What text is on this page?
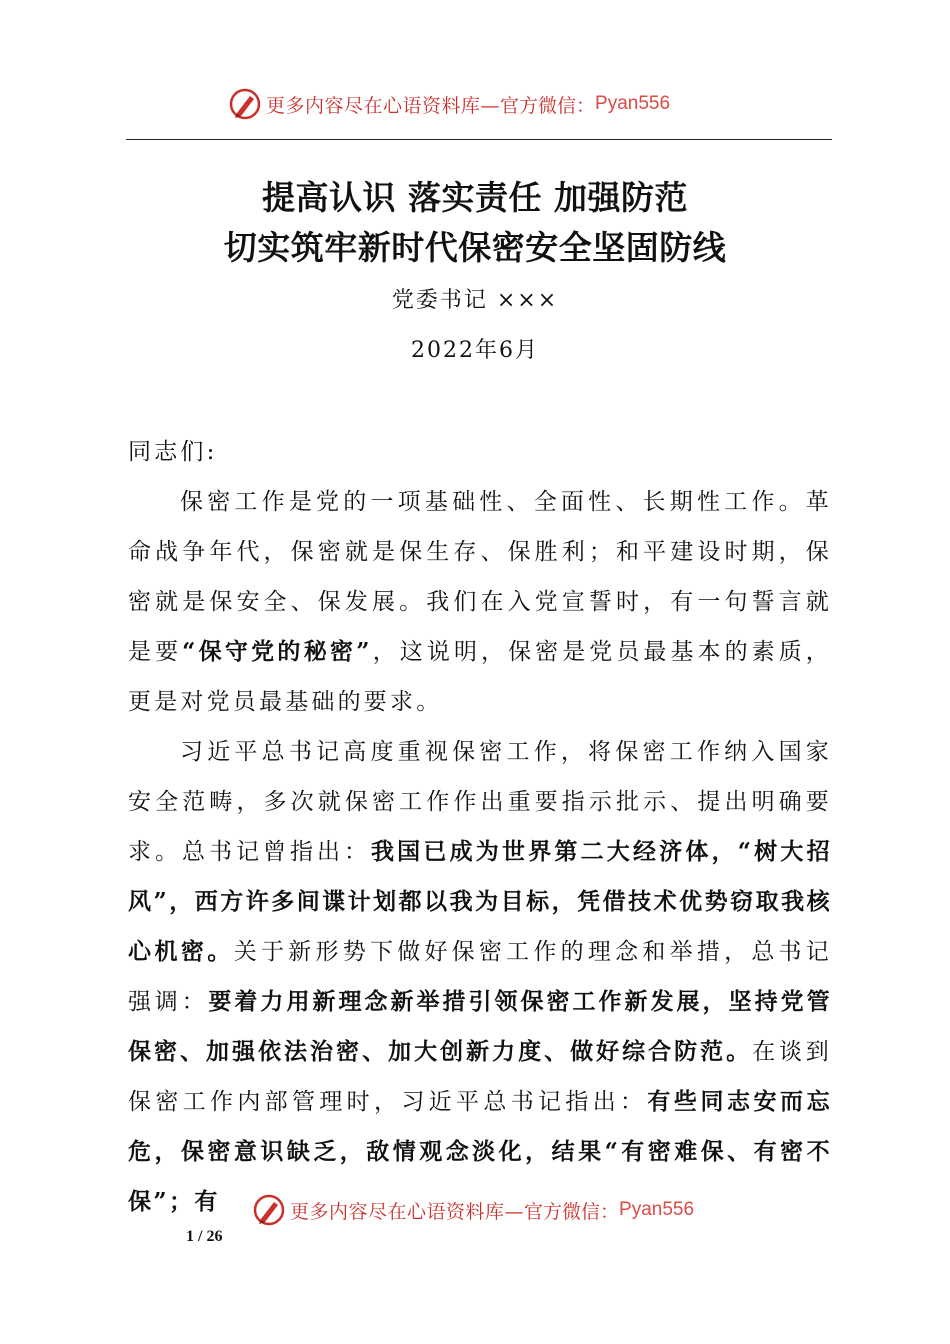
更多内容尽在心语资料库— 官方微信： Pyan556
提高认识 落实责任 加强防范
切实筑牢新时代保密安全坚固防线
党委书记 ×××
2022年6月

同志们:

保密工作是党的一项基础性、全面性、长期性工作。革命战争年代，保密就是保生存、保胜利；和平建设时期，保密就是保安全、保发展。我们在入党宣誓时，有一句誓言就是要“保守党的秘密”，这说明，保密是党员最基本的素质，更是对党员最基础的要求。

习近平总书记高度重视保密工作，将保密工作纳入国家安全范畴，多次就保密工作作出重要指示批示、提出明确要求。总书记曾指出：我国已成为世界第二大经济体，“树大招风”，西方许多间谍计划都以我为目标，凭借技术优势窃取我核心机密。关于新形势下做好保密工作的理念和举措，总书记强调：要着力用新理念新举措引领保密工作新发展，坚持党管保密、加强依法治密、加大创新力度、做好综合防范。在谈到保密工作内部管理时，习近平总书记指出：有些同志安而忘危，保密意识缺乏，敌情观念淡化，结果“有密难保、有密不保”；有	更多内容尽在心语资料库— 官方微信： Pyan556
1 / 26
